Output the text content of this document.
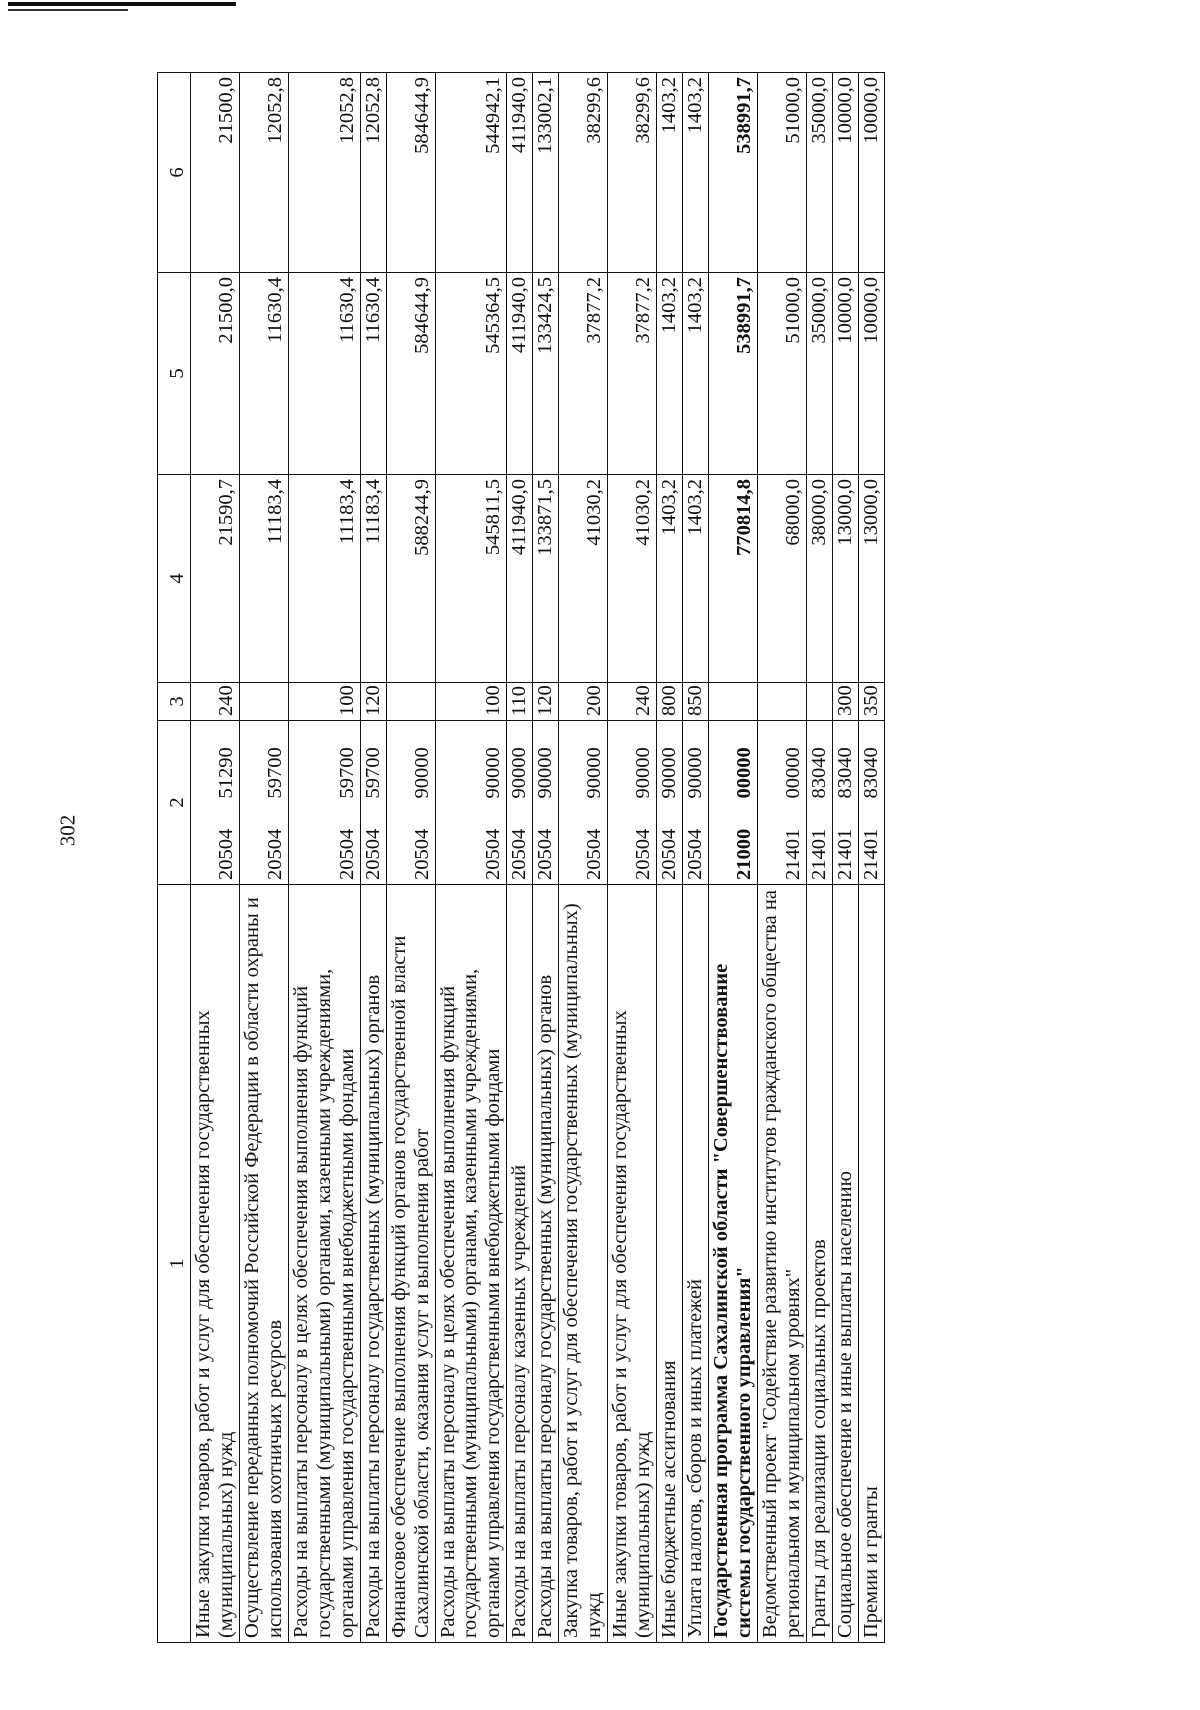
302
1	2		3	4	5	6
Иные закупки товаров, работ и услуг для обеспечения государственных (муниципальных) нужд	20504	51290	240	21590,7	21500,0	21500,0
Осуществление переданных полномочий Российской Федерации в области охраны и использования охотничьих ресурсов	20504	59700		11183,4	11630,4	12052,8
Расходы на выплаты персоналу в целях обеспечения выполнения функций государственными (муниципальными) органами, казенными учреждениями, органами управления государственными внебюджетными фондами	20504	59700	100	11183,4	11630,4	12052,8
Расходы на выплаты персоналу государственных (муниципальных) органов	20504	59700	120	11183,4	11630,4	12052,8
Финансовое обеспечение выполнения функций органов государственной власти Сахалинской области, оказания услуг и выполнения работ	20504	90000		588244,9	584644,9	584644,9
Расходы на выплаты персоналу в целях обеспечения выполнения функций государственными (муниципальными) органами, казенными учреждениями, органами управления государственными внебюджетными фондами	20504	90000	100	545811,5	545364,5	544942,1
Расходы на выплаты персоналу казенных учреждений	20504	90000	110	411940,0	411940,0	411940,0
Расходы на выплаты персоналу государственных (муниципальных) органов	20504	90000	120	133871,5	133424,5	133002,1
Закупка товаров, работ и услуг для обеспечения государственных (муниципальных) нужд	20504	90000	200	41030,2	37877,2	38299,6
Иные закупки товаров, работ и услуг для обеспечения государственных (муниципальных) нужд	20504	90000	240	41030,2	37877,2	38299,6
Иные бюджетные ассигнования	20504	90000	800	1403,2	1403,2	1403,2
Уплата налогов, сборов и иных платежей	20504	90000	850	1403,2	1403,2	1403,2
Государственная программа Сахалинской области "Совершенствование системы государственного управления"	21000	00000		770814,8	538991,7	538991,7
Ведомственный проект "Содействие развитию институтов гражданского общества на региональном и муниципальном уровнях"	21401	00000		68000,0	51000,0	51000,0
Гранты для реализации социальных проектов	21401	83040		38000,0	35000,0	35000,0
Социальное обеспечение и иные выплаты населению	21401	83040	300	13000,0	10000,0	10000,0
Премии и гранты	21401	83040	350	13000,0	10000,0	10000,0
